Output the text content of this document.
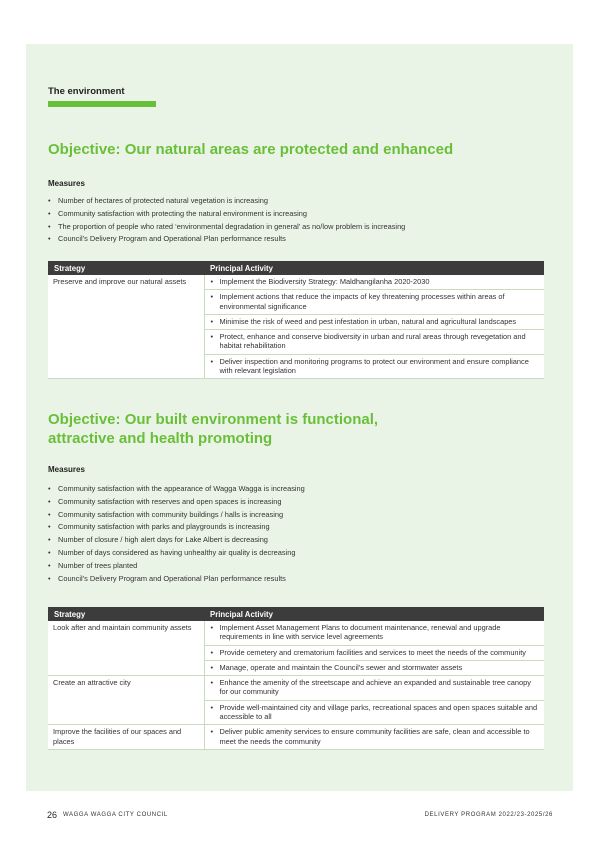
The environment
Objective: Our natural areas are protected and enhanced
Measures
• Number of hectares of protected natural vegetation is increasing
• Community satisfaction with protecting the natural environment is increasing
• The proportion of people who rated ‘environmental degradation in general’ as no/low problem is increasing
• Council’s Delivery Program and Operational Plan performance results
Strategy	Principal Activity
Preserve and improve our natural assets	• Implement the Biodiversity Strategy: Maldhangilanha 2020-2030
	• Implement actions that reduce the impacts of key threatening processes within areas of environmental significance
	• Minimise the risk of weed and pest infestation in urban, natural and agricultural landscapes
	• Protect, enhance and conserve biodiversity in urban and rural areas through revegetation and habitat rehabilitation
	• Deliver inspection and monitoring programs to protect our environment and ensure compliance with relevant legislation
Objective: Our built environment is functional,
attractive and health promoting
Measures
• Community satisfaction with the appearance of Wagga Wagga is increasing
• Community satisfaction with reserves and open spaces is increasing
• Community satisfaction with community buildings / halls is increasing
• Community satisfaction with parks and playgrounds is increasing
• Number of closure / high alert days for Lake Albert is decreasing
• Number of days considered as having unhealthy air quality is decreasing
• Number of trees planted
• Council’s Delivery Program and Operational Plan performance results
Strategy	Principal Activity
Look after and maintain community assets	• Implement Asset Management Plans to document maintenance, renewal and upgrade requirements in line with service level agreements
	• Provide cemetery and crematorium facilities and services to meet the needs of the community
	• Manage, operate and maintain the Council’s sewer and stormwater assets
Create an attractive city	• Enhance the amenity of the streetscape and achieve an expanded and sustainable tree canopy for our community
	• Provide well-maintained city and village parks, recreational spaces and open spaces suitable and accessible to all
Improve the facilities of our spaces and places	• Deliver public amenity services to ensure community facilities are safe, clean and accessible to meet the needs the community
26 WAGGA WAGGA CITY COUNCIL	DELIVERY PROGRAM 2022/23-2025/26
